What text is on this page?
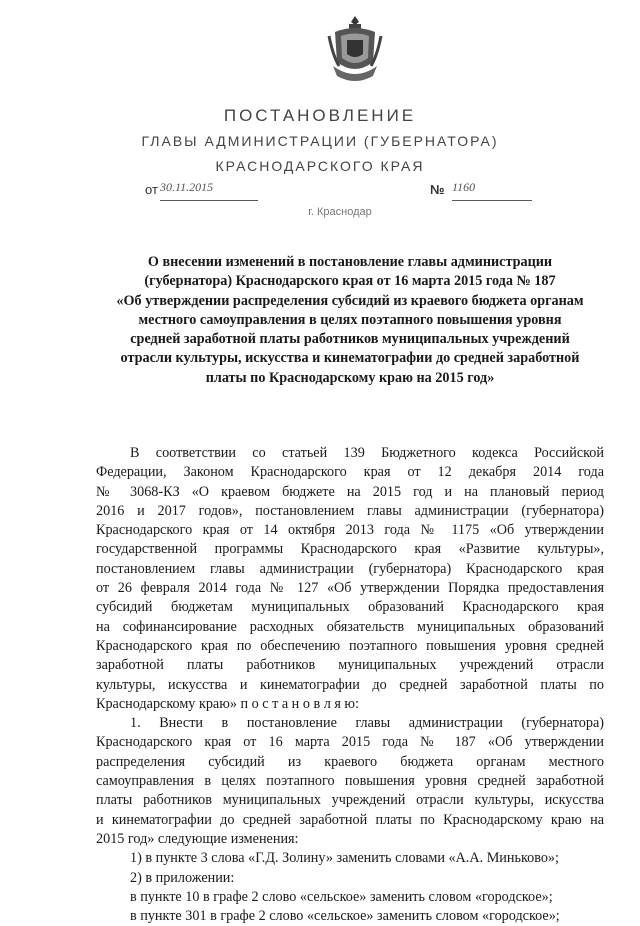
ПОСТАНОВЛЕНИЕ
ГЛАВЫ АДМИНИСТРАЦИИ (ГУБЕРНАТОРА)
КРАСНОДАРСКОГО КРАЯ
от 30.11.2015	№ 1160
г. Краснодар
О внесении изменений в постановление главы администрации
(губернатора) Краснодарского края от 16 марта 2015 года № 187
«Об утверждении распределения субсидий из краевого бюджета органам
местного самоуправления в целях поэтапного повышения уровня
средней заработной платы работников муниципальных учреждений
отрасли культуры, искусства и кинематографии до средней заработной
платы по Краснодарскому краю на 2015 год»
В соответствии со статьей 139 Бюджетного кодекса Российской
Федерации, Законом Краснодарского края от 12 декабря 2014 года
№ 3068-КЗ «О краевом бюджете на 2015 год и на плановый период
2016 и 2017 годов», постановлением главы администрации (губернатора)
Краснодарского края от 14 октября 2013 года № 1175 «Об утверждении
государственной программы Краснодарского края «Развитие культуры»,
постановлением главы администрации (губернатора) Краснодарского края
от 26 февраля 2014 года № 127 «Об утверждении Порядка предоставления
субсидий бюджетам муниципальных образований Краснодарского края
на софинансирование расходных обязательств муниципальных образований
Краснодарского края по обеспечению поэтапного повышения уровня средней
заработной платы работников муниципальных учреждений отрасли
культуры, искусства и кинематографии до средней заработной платы по
Краснодарскому краю» п о с т а н о в л я ю:
1. Внести в постановление главы администрации (губернатора)
Краснодарского края от 16 марта 2015 года № 187 «Об утверждении
распределения субсидий из краевого бюджета органам местного
самоуправления в целях поэтапного повышения уровня средней заработной
платы работников муниципальных учреждений отрасли культуры, искусства
и кинематографии до средней заработной платы по Краснодарскому краю на
2015 год» следующие изменения:
1) в пункте 3 слова «Г.Д. Золину» заменить словами «А.А. Миньково»;
2) в приложении:
в пункте 10 в графе 2 слово «сельское» заменить словом «городское»;
в пункте 301 в графе 2 слово «сельское» заменить словом «городское»;
